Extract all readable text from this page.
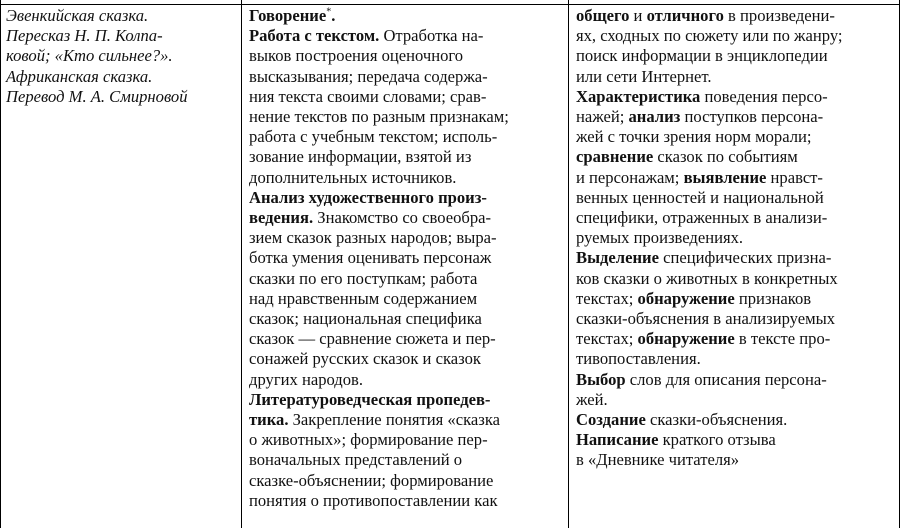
Эвенкийская сказка.
Пересказ Н. П. Колпа-
ковой; «Кто сильнее?».
Африканская сказка.
Перевод М. А. Смирновой
Говорение*.
Работа с текстом. Отработка на-
выков построения оценочного
высказывания; передача содержа-
ния текста своими словами; срав-
нение текстов по разным признакам;
работа с учебным текстом; исполь-
зование информации, взятой из
дополнительных источников.
Анализ художественного произ-
ведения. Знакомство со своеобра-
зием сказок разных народов; выра-
ботка умения оценивать персонаж
сказки по его поступкам; работа
над нравственным содержанием
сказок; национальная специфика
сказок — сравнение сюжета и пер-
сонажей русских сказок и сказок
других народов.
Литературоведческая пропедев-
тика. Закрепление понятия «сказка
о животных»; формирование пер-
воначальных представлений о
сказке-объяснении; формирование
понятия о противопоставлении как
общего и отличного в произведени-
ях, сходных по сюжету или по жанру;
поиск информации в энциклопедии
или сети Интернет.
Характеристика поведения персо-
нажей; анализ поступков персона-
жей с точки зрения норм морали;
сравнение сказок по событиям
и персонажам; выявление нравст-
венных ценностей и национальной
специфики, отраженных в анализи-
руемых произведениях.
Выделение специфических призна-
ков сказки о животных в конкретных
текстах; обнаружение признаков
сказки-объяснения в анализируемых
текстах; обнаружение в тексте про-
тивопоставления.
Выбор слов для описания персона-
жей.
Создание сказки-объяснения.
Написание краткого отзыва
в «Дневнике читателя»
